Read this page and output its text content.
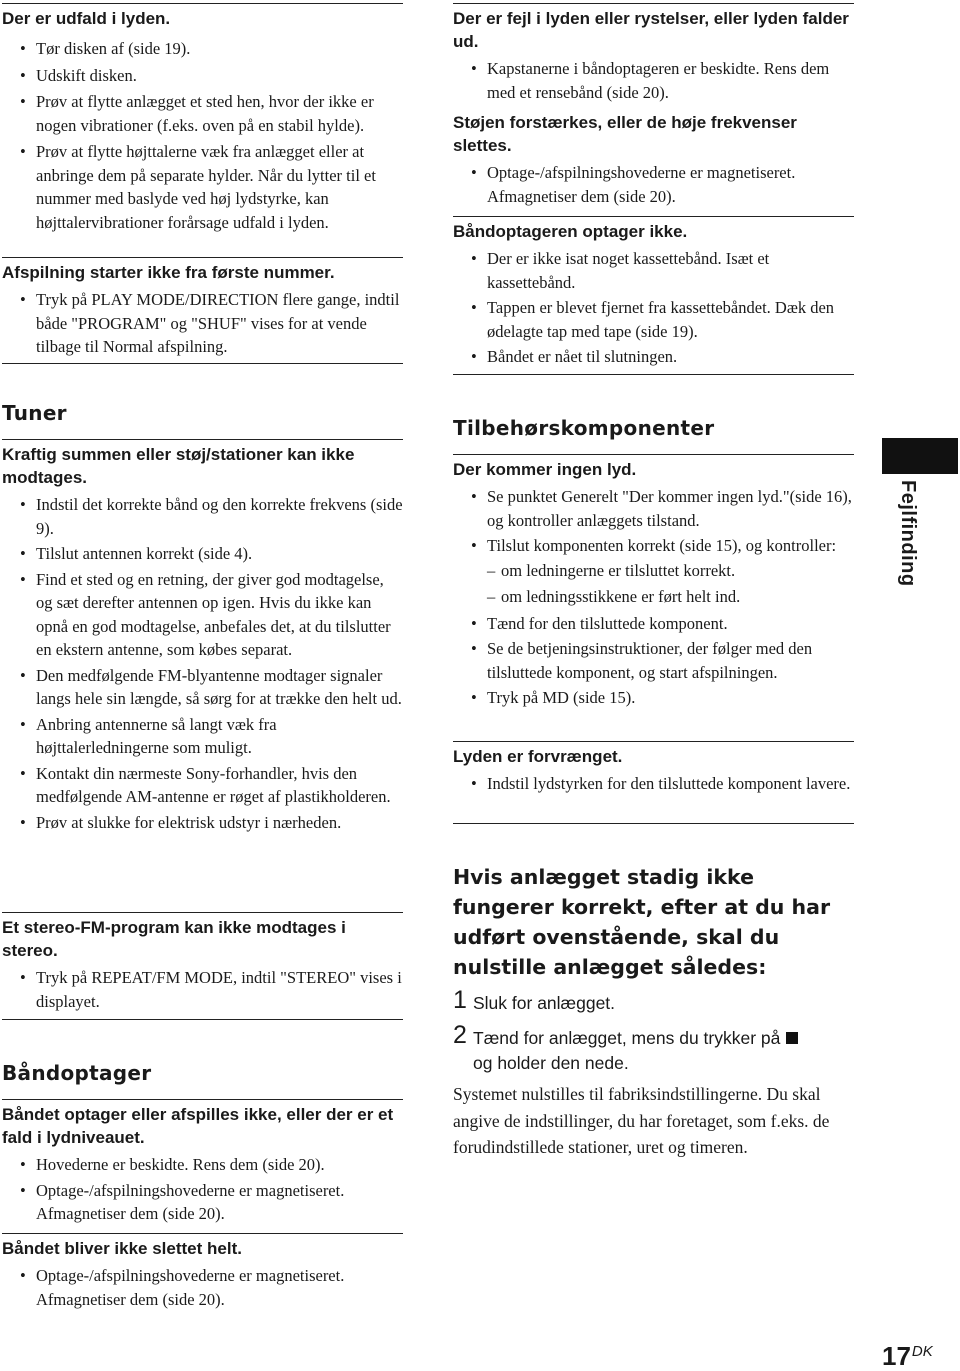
Der er udfald i lyden.
• Tør disken af (side 19).
• Udskift disken.
• Prøv at flytte anlægget et sted hen, hvor der ikke er nogen vibrationer (f.eks. oven på en stabil hylde).
• Prøv at flytte højttalerne væk fra anlægget eller at anbringe dem på separate hylder. Når du lytter til et nummer med baslyde ved høj lydstyrke, kan højttalervibrationer forårsage udfald i lyden.
Afspilning starter ikke fra første nummer.
• Tryk på PLAY MODE/DIRECTION flere gange, indtil både "PROGRAM" og "SHUF" vises for at vende tilbage til Normal afspilning.
Tuner
Kraftig summen eller støj/stationer kan ikke modtages.
• Indstil det korrekte bånd og den korrekte frekvens (side 9).
• Tilslut antennen korrekt (side 4).
• Find et sted og en retning, der giver god modtagelse, og sæt derefter antennen op igen. Hvis du ikke kan opnå en god modtagelse, anbefales det, at du tilslutter en ekstern antenne, som købes separat.
• Den medfølgende FM-blyantenne modtager signaler langs hele sin længde, så sørg for at trække den helt ud.
• Anbring antennerne så langt væk fra højttalerledningerne som muligt.
• Kontakt din nærmeste Sony-forhandler, hvis den medfølgende AM-antenne er røget af plastikholderen.
• Prøv at slukke for elektrisk udstyr i nærheden.
Et stereo-FM-program kan ikke modtages i stereo.
• Tryk på REPEAT/FM MODE, indtil "STEREO" vises i displayet.
Båndoptager
Båndet optager eller afspilles ikke, eller der er et fald i lydniveauet.
• Hovederne er beskidte. Rens dem (side 20).
• Optage-/afspilningshovederne er magnetiseret. Afmagnetiser dem (side 20).
Båndet bliver ikke slettet helt.
• Optage-/afspilningshovederne er magnetiseret. Afmagnetiser dem (side 20).
Der er fejl i lyden eller rystelser, eller lyden falder ud.
• Kapstanerne i båndoptageren er beskidte. Rens dem med et rensebånd (side 20).
Støjen forstærkes, eller de høje frekvenser slettes.
• Optage-/afspilningshovederne er magnetiseret. Afmagnetiser dem (side 20).
Båndoptageren optager ikke.
• Der er ikke isat noget kassettebånd. Isæt et kassettebånd.
• Tappen er blevet fjernet fra kassettebåndet. Dæk den ødelagte tap med tape (side 19).
• Båndet er nået til slutningen.
Tilbehørskomponenter
Der kommer ingen lyd.
• Se punktet Generelt "Der kommer ingen lyd."(side 16), og kontroller anlæggets tilstand.
• Tilslut komponenten korrekt (side 15), og kontroller:
– om ledningerne er tilsluttet korrekt.
– om ledningsstikkene er ført helt ind.
• Tænd for den tilsluttede komponent.
• Se de betjeningsinstruktioner, der følger med den tilsluttede komponent, og start afspilningen.
• Tryk på MD (side 15).
Lyden er forvrænget.
• Indstil lydstyrken for den tilsluttede komponent lavere.
Hvis anlægget stadig ikke fungerer korrekt, efter at du har udført ovenstående, skal du nulstille anlægget således:
1 Sluk for anlægget.
2 Tænd for anlægget, mens du trykker på
og holder den nede.
Systemet nulstilles til fabriksindstillingerne. Du skal angive de indstillinger, du har foretaget, som f.eks. de forudindstillede stationer, uret og timeren.
Fejlfinding
$17^{DK}$
